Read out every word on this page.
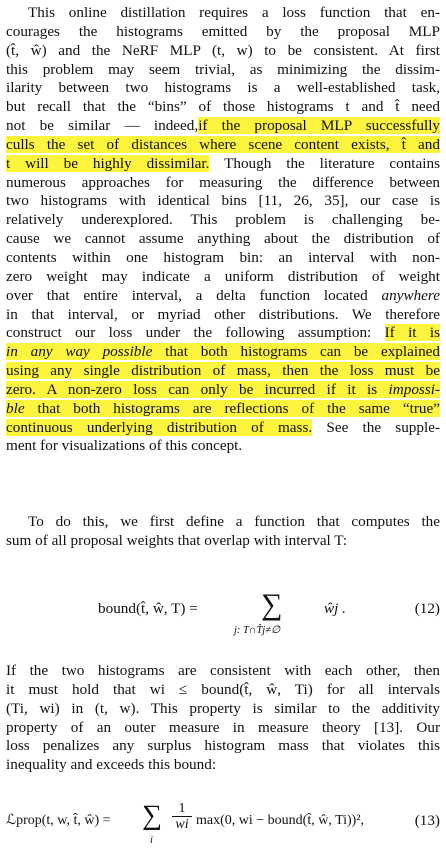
This online distillation requires a loss function that en-
courages the histograms emitted by the proposal MLP
(t̂, ŵ) and the NeRF MLP (t, w) to be consistent. At first
this problem may seem trivial, as minimizing the dissim-
ilarity between two histograms is a well-established task,
but recall that the “bins” of those histograms t and t̂ need
not be similar — indeed,if the proposal MLP successfully
culls the set of distances where scene content exists, t̂ and
t will be highly dissimilar. Though the literature contains
numerous approaches for measuring the difference between
two histograms with identical bins [11, 26, 35], our case is
relatively underexplored. This problem is challenging be-
cause we cannot assume anything about the distribution of
contents within one histogram bin: an interval with non-
zero weight may indicate a uniform distribution of weight
over that entire interval, a delta function located anywhere
in that interval, or myriad other distributions. We therefore
construct our loss under the following assumption: If it is
in any way possible that both histograms can be explained
using any single distribution of mass, then the loss must be
zero. A non-zero loss can only be incurred if it is impossi-
ble that both histograms are reflections of the same “true”
continuous underlying distribution of mass. See the supple-
ment for visualizations of this concept.
To do this, we first define a function that computes the
sum of all proposal weights that overlap with interval T:
bound(t̂, ŵ, T) = ∑
j: T∩T̂j≠∅
ŵj .	(12)
If the two histograms are consistent with each other, then
it must hold that wi ≤ bound(t̂, ŵ, Ti) for all intervals
(Ti, wi) in (t, w). This property is similar to the additivity
property of an outer measure in measure theory [13]. Our
loss penalizes any surplus histogram mass that violates this
inequality and exceeds this bound:
ℒprop(t, w, t̂, ŵ) = ∑
i
$\frac{1}{wi} \max(0$, wi − bound(t̂, ŵ, Ti))²,	(13)
